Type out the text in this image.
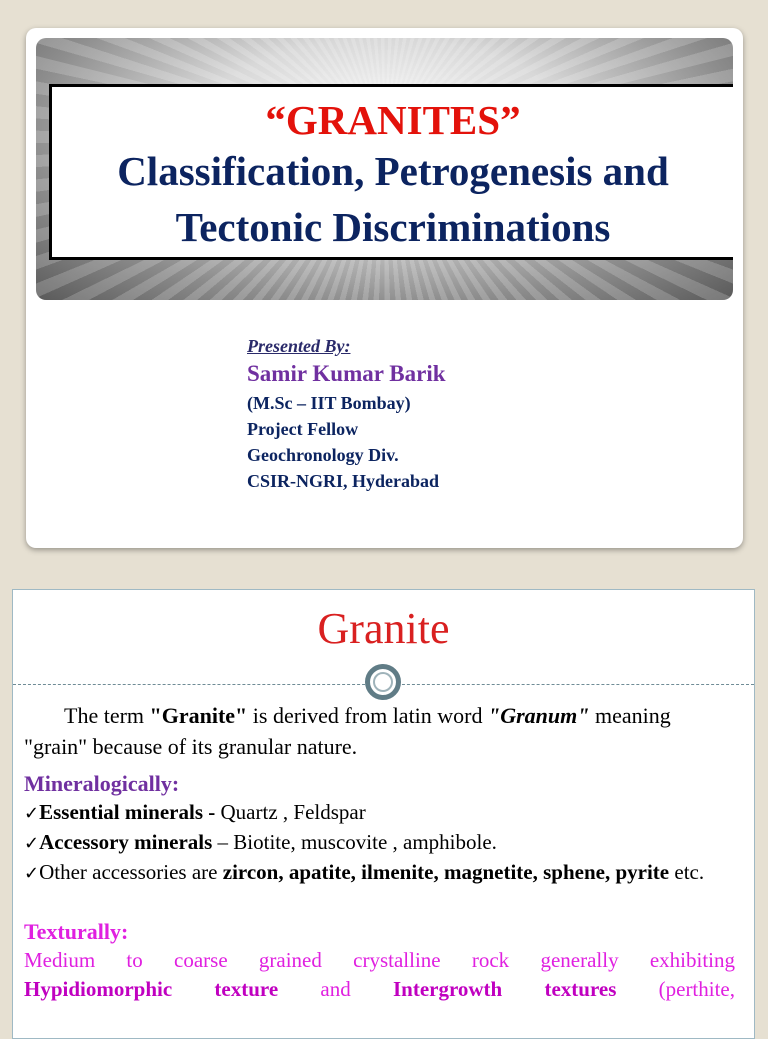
“GRANITES”
Classification, Petrogenesis and
Tectonic Discriminations
Presented By:
Samir Kumar Barik
(M.Sc – IIT Bombay)
Project Fellow
Geochronology Div.
CSIR-NGRI, Hyderabad
Granite

The term "Granite" is derived from latin word "Granum" meaning "grain" because of its granular nature.

Mineralogically:

✓Essential minerals - Quartz , Feldspar

✓Accessory minerals – Biotite, muscovite , amphibole.

✓Other accessories are zircon, apatite, ilmenite, magnetite, sphene, pyrite etc.

Texturally:

Medium to coarse grained crystalline rock generally exhibiting

Hypidiomorphic texture and Intergrowth textures (perthite,
